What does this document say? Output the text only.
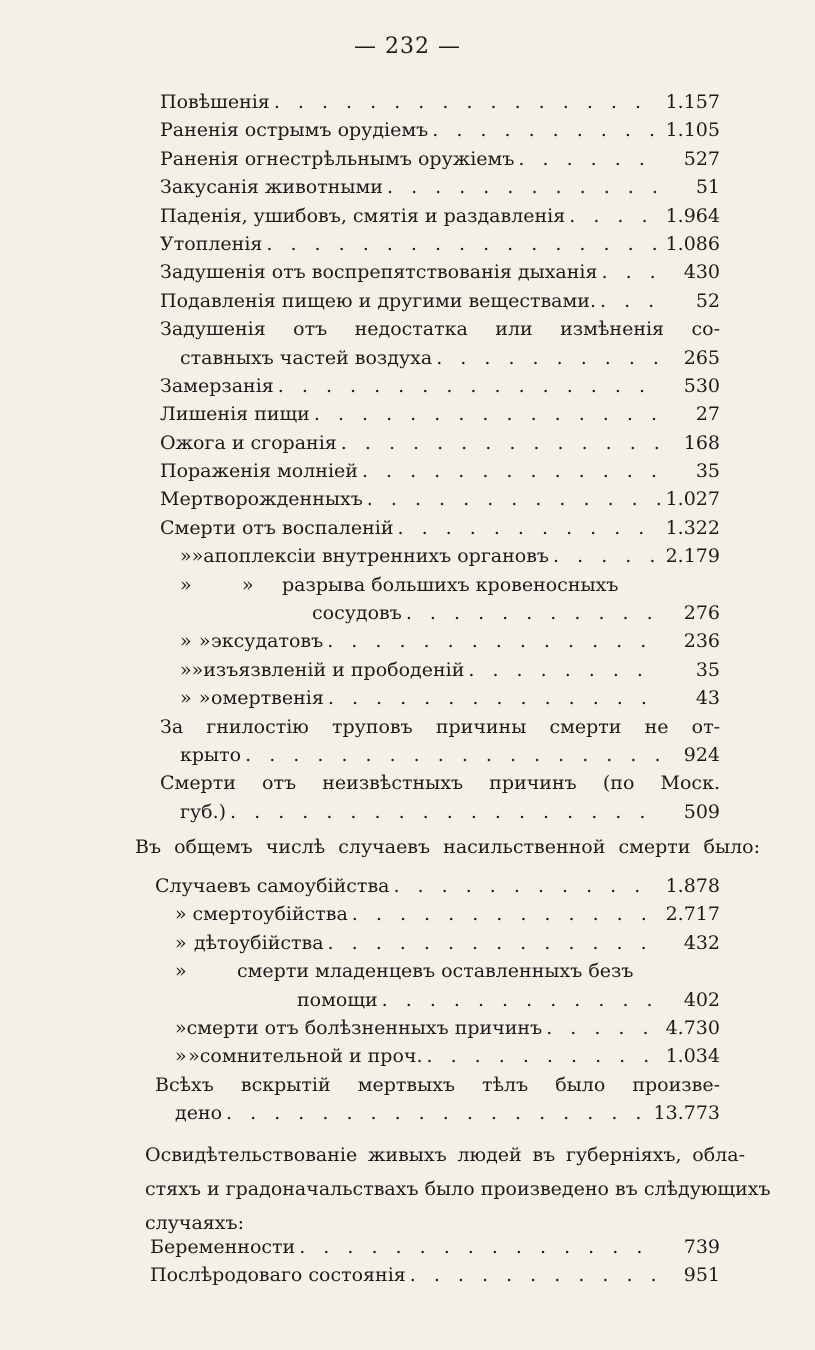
— 232 —
Повѣшенія . . .	1.157
Раненія острымъ орудіемъ . . .	1.105
Раненія огнестрѣльнымъ оружіемъ . . .	527
Закусанія животными . . .	51
Паденія, ушибовъ, смятія и раздавленія . . .	1.964
Утопленія . . .	1.086
Задушенія отъ воспрепятствованія дыханія . . .	430
Подавленія пищею и другими веществами. . . .	52
Задушенія отъ недостатка или измѣненія со-
ставныхъ частей воздуха . . .	265
Замерзанія . . .	530
Лишенія пищи . . .	27
Ожога и сгоранія . . .	168
Пораженія молніей . . .	35
Мертворожденныхъ . . .	1.027
Смерти отъ воспаленій . . .	1.322
» » апоплексіи внутреннихъ органовъ . . .	2.179
»	»	разрыва большихъ кровеносныхъ
сосудовъ . . .	276
» » эксудатовъ . . .	236
» » изъязвленій и прободеній . . .	35
» » омертвенія . . .	43
За гнилостію труповъ причины смерти не от-
крыто . . .	924
Смерти отъ неизвѣстныхъ причинъ (по Моск.
губ.) . . .	509
Въ общемъ числѣ случаевъ насильственной смерти было:
Случаевъ самоубійства . . .	1.878
» смертоубійства . . .	2.717
» дѣтоубійства . . .	432
»	смерти младенцевъ оставленныхъ безъ
помощи . . .	402
» смерти отъ болѣзненныхъ причинъ . . .	4.730
» » сомнительной и проч. . . .	1.034
Всѣхъ вскрытій мертвыхъ тѣлъ было произве-
дено . . .	13.773
Освидѣтельствованіе живыхъ людей въ губерніяхъ, обла-
стяхъ и градоначальствахъ было произведено въ слѣдующихъ
случаяхъ:
Беременности . . .	739
Послѣродоваго состоянія . . .	951
